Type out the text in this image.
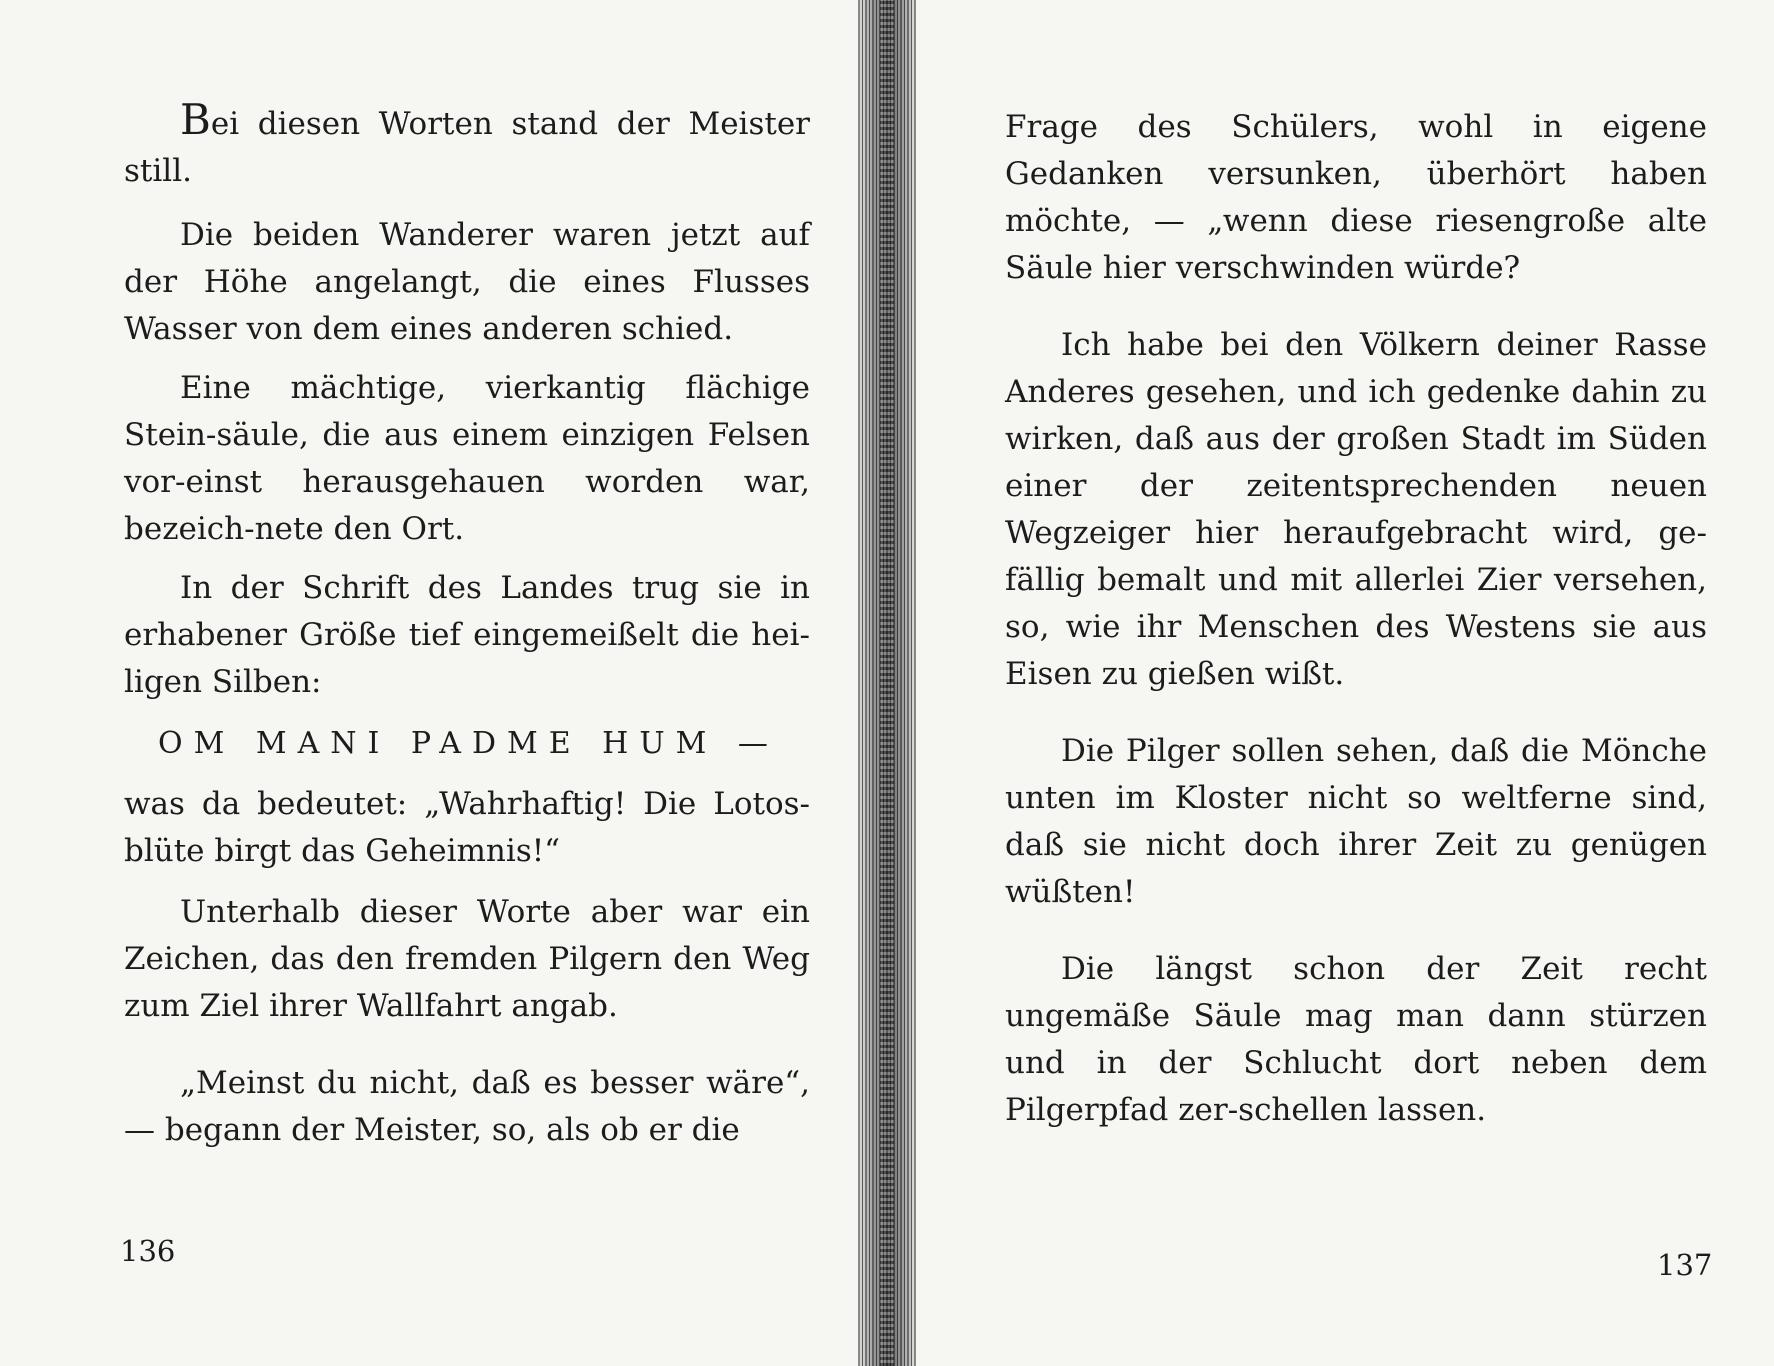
Bei diesen Worten stand der Meister still.

Die beiden Wanderer waren jetzt auf der Höhe angelangt, die eines Flusses Wasser von dem eines anderen schied.

Eine mächtige, vierkantig flächige Stein-säule, die aus einem einzigen Felsen vor-einst herausgehauen worden war, bezeich-nete den Ort.

In der Schrift des Landes trug sie in erhabener Größe tief eingemeißelt die hei-ligen Silben:

OM MANI PADME HUM —

was da bedeutet: „Wahrhaftig! Die Lotos-blüte birgt das Geheimnis!“

Unterhalb dieser Worte aber war ein Zeichen, das den fremden Pilgern den Weg zum Ziel ihrer Wallfahrt angab.

„Meinst du nicht, daß es besser wäre“, — begann der Meister, so, als ob er die

136

Frage des Schülers, wohl in eigene Gedanken versunken, überhört haben möchte, — „wenn diese riesengroße alte Säule hier verschwinden würde?

Ich habe bei den Völkern deiner Rasse Anderes gesehen, und ich gedenke dahin zu wirken, daß aus der großen Stadt im Süden einer der zeitentsprechenden neuen Wegzeiger hier heraufgebracht wird, ge-fällig bemalt und mit allerlei Zier versehen, so, wie ihr Menschen des Westens sie aus Eisen zu gießen wißt.

Die Pilger sollen sehen, daß die Mönche unten im Kloster nicht so weltferne sind, daß sie nicht doch ihrer Zeit zu genügen wüßten!

Die längst schon der Zeit recht ungemäße Säule mag man dann stürzen und in der Schlucht dort neben dem Pilgerpfad zer-schellen lassen.

137
